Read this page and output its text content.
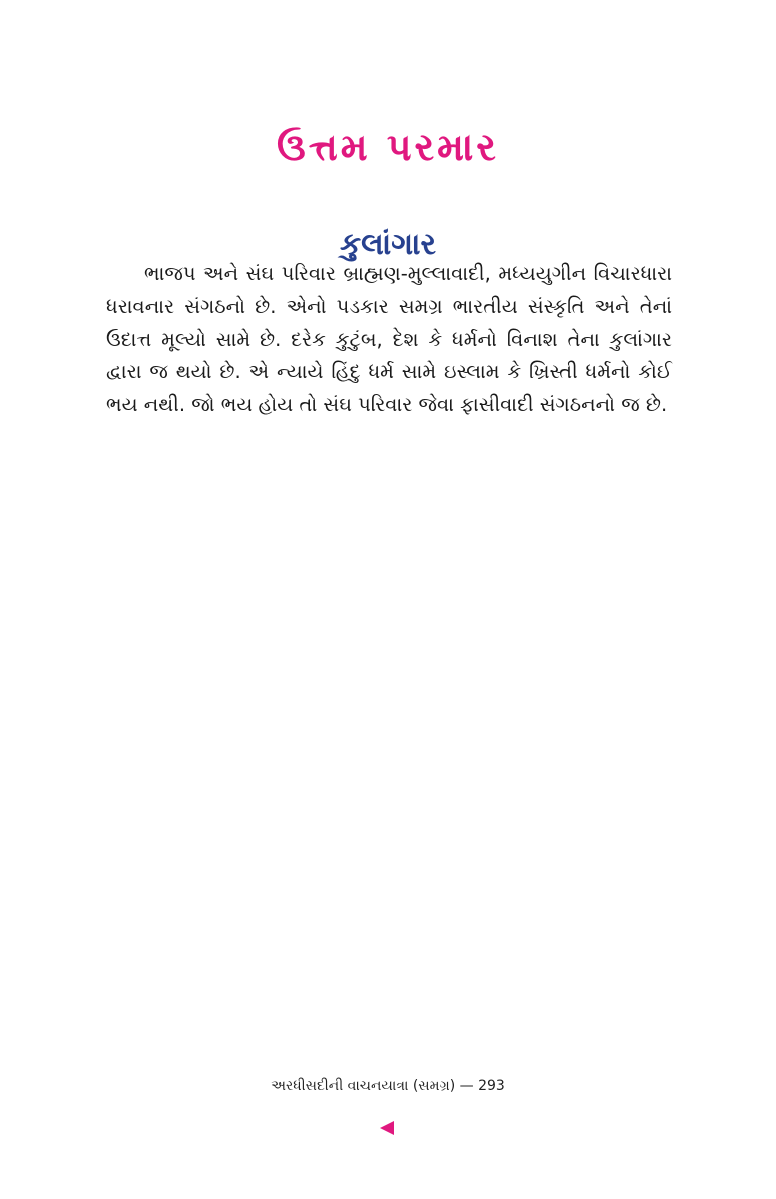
ઉત્તમ પરમાર
કુલાંગાર

ભાજપ અને સંઘ પરિવાર બ્રાહ્મણ-મુલ્લાવાદી, મધ્યયુગીન વિચારધારા ધરાવનાર સંગઠનો છે. એનો પડકાર સમગ્ર ભારતીય સંસ્કૃતિ અને તેનાં ઉદાત્ત મૂલ્યો સામે છે. દરેક કુટુંબ, દેશ કે ધર્મનો વિનાશ તેના કુલાંગાર દ્વારા જ થયો છે. એ ન્યાયે હિંદુ ધર્મ સામે ઇસ્લામ કે ખ્રિસ્તી ધર્મનો કોઈ ભય નથી. જો ભય હોય તો સંઘ પરિવાર જેવા ફાસીવાદી સંગઠનનો જ છે.

અરધીસદીની વાચનયાત્રા (સમગ્ર) — 293
